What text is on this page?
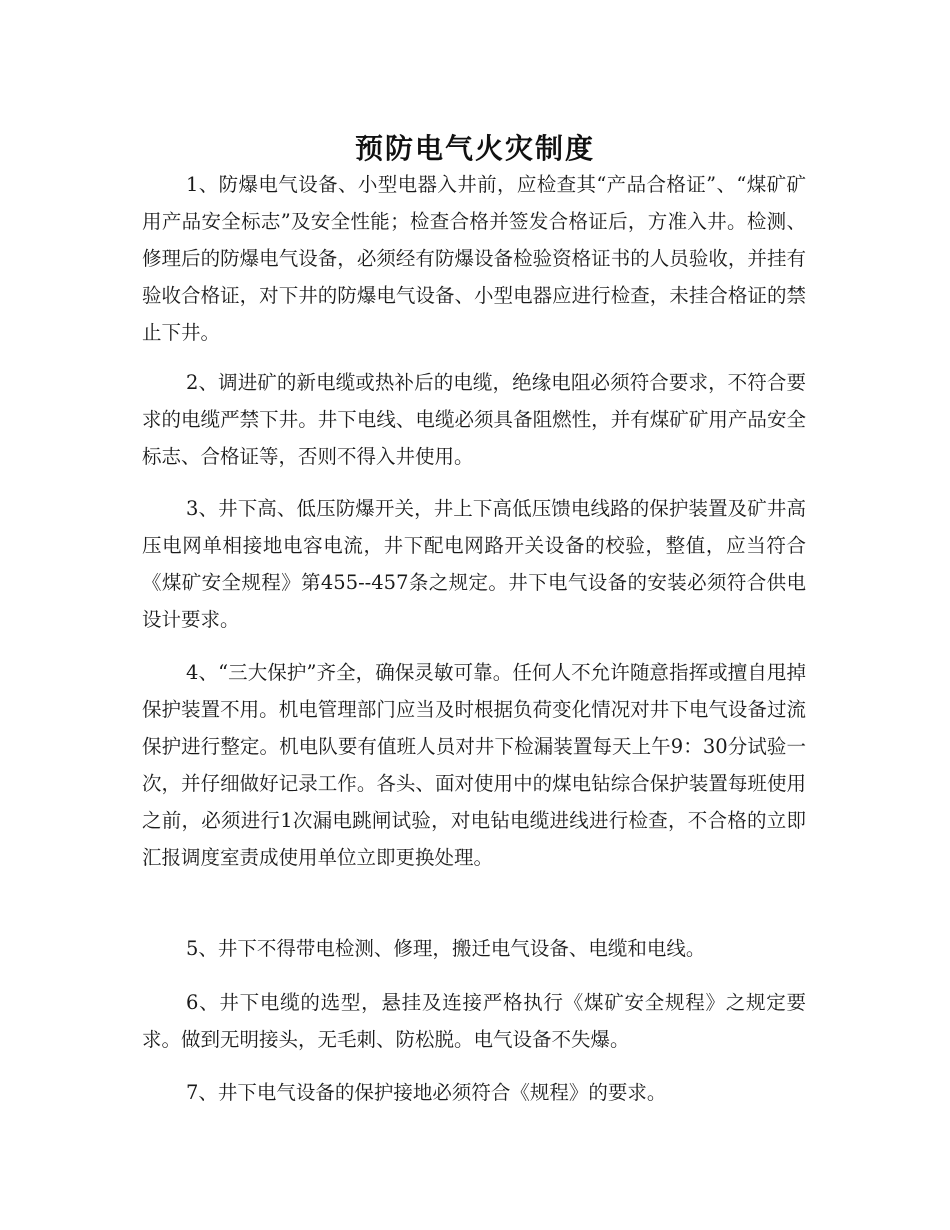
预防电气火灾制度

1、防爆电气设备、小型电器入井前，应检查其“产品合格证”、“煤矿矿用产品安全标志”及安全性能；检查合格并签发合格证后，方准入井。检测、修理后的防爆电气设备，必须经有防爆设备检验资格证书的人员验收，并挂有验收合格证，对下井的防爆电气设备、小型电器应进行检查，未挂合格证的禁止下井。

2、调进矿的新电缆或热补后的电缆，绝缘电阻必须符合要求，不符合要求的电缆严禁下井。井下电线、电缆必须具备阻燃性，并有煤矿矿用产品安全标志、合格证等，否则不得入井使用。

3、井下高、低压防爆开关，井上下高低压馈电线路的保护装置及矿井高压电网单相接地电容电流，井下配电网路开关设备的校验，整值，应当符合《煤矿安全规程》第455--457条之规定。井下电气设备的安装必须符合供电设计要求。

4、“三大保护”齐全，确保灵敏可靠。任何人不允许随意指挥或擅自甩掉保护装置不用。机电管理部门应当及时根据负荷变化情况对井下电气设备过流保护进行整定。机电队要有值班人员对井下检漏装置每天上午9：30分试验一次，并仔细做好记录工作。各头、面对使用中的煤电钻综合保护装置每班使用之前，必须进行1次漏电跳闸试验，对电钻电缆进线进行检查，不合格的立即汇报调度室责成使用单位立即更换处理。

5、井下不得带电检测、修理，搬迁电气设备、电缆和电线。

6、井下电缆的选型，悬挂及连接严格执行《煤矿安全规程》之规定要求。做到无明接头，无毛刺、防松脱。电气设备不失爆。

7、井下电气设备的保护接地必须符合《规程》的要求。
